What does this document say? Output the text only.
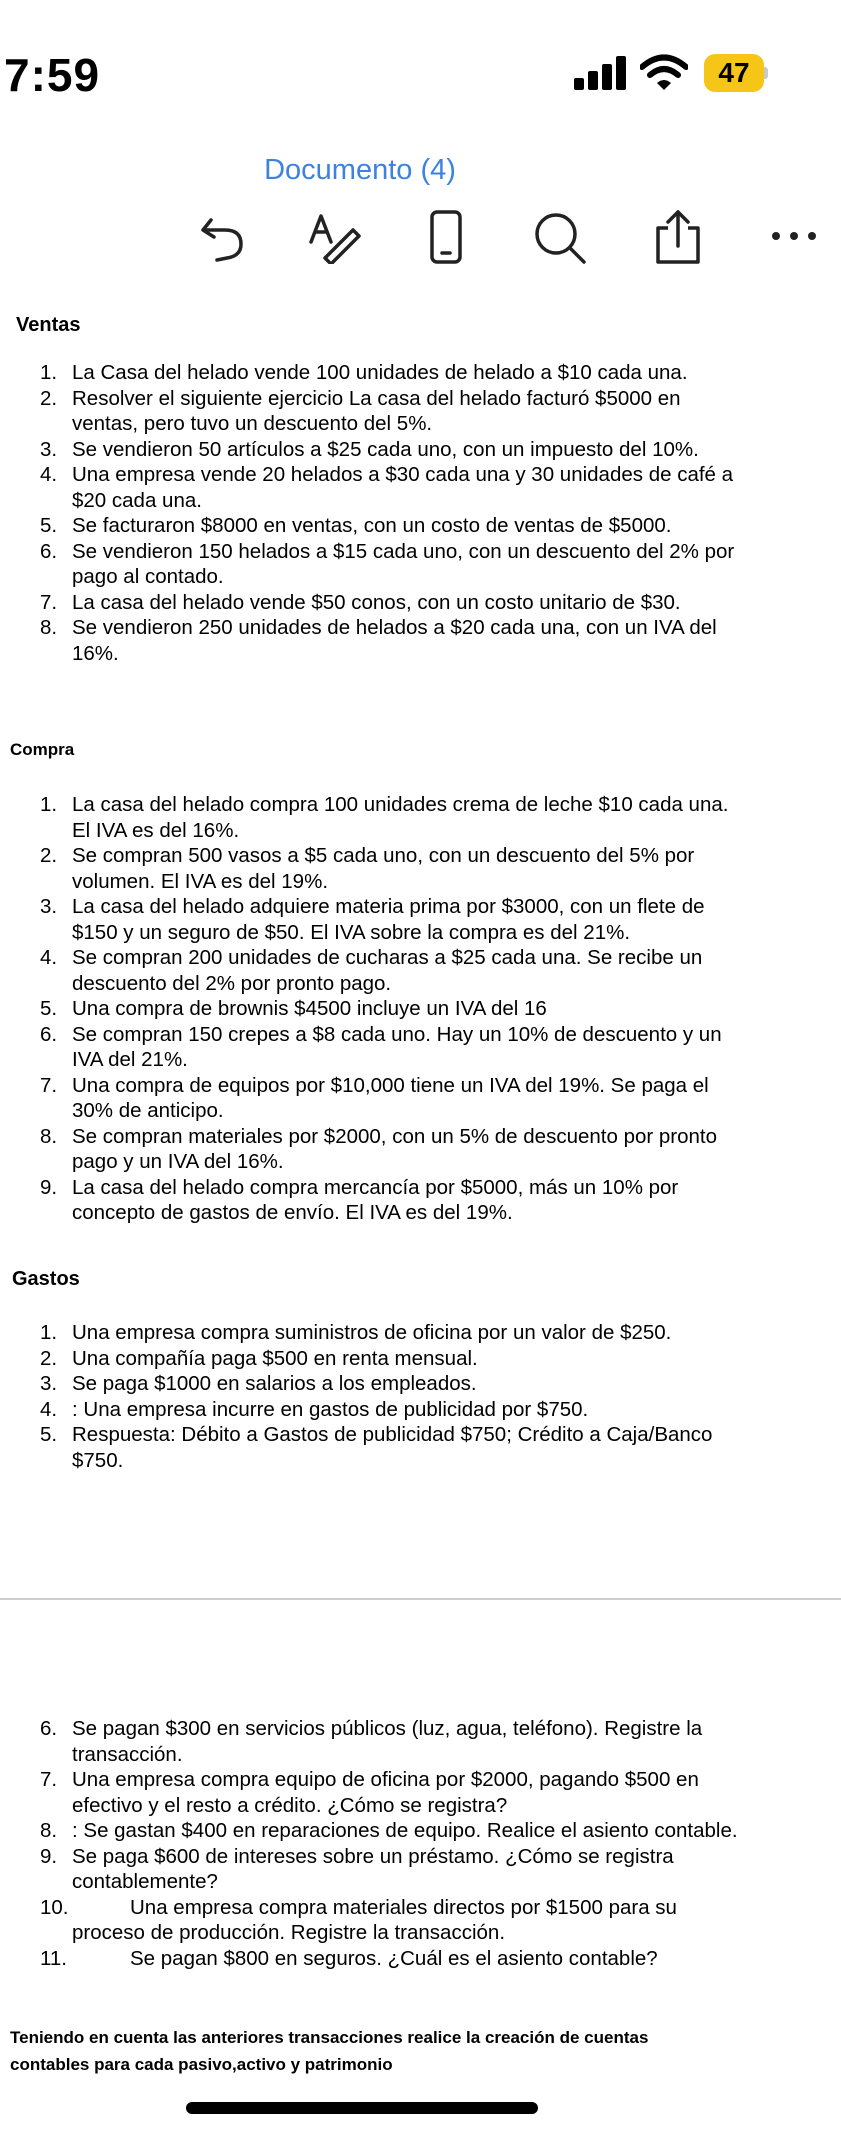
7:59	47
Documento (4)
Ventas
1. La Casa del helado vende 100 unidades de helado a $10 cada una.
2. Resolver el siguiente ejercicio La casa del helado facturó $5000 en ventas, pero tuvo un descuento del 5%.
3. Se vendieron 50 artículos a $25 cada uno, con un impuesto del 10%.
4. Una empresa vende 20 helados a $30 cada una y 30 unidades de café a $20 cada una.
5. Se facturaron $8000 en ventas, con un costo de ventas de $5000.
6. Se vendieron 150 helados a $15 cada uno, con un descuento del 2% por pago al contado.
7. La casa del helado vende $50 conos, con un costo unitario de $30.
8. Se vendieron 250 unidades de helados a $20 cada una, con un IVA del 16%.
Compra
1. La casa del helado compra 100 unidades crema de leche $10 cada una. El IVA es del 16%.
2. Se compran 500 vasos a $5 cada uno, con un descuento del 5% por volumen. El IVA es del 19%.
3. La casa del helado adquiere materia prima por $3000, con un flete de $150 y un seguro de $50. El IVA sobre la compra es del 21%.
4. Se compran 200 unidades de cucharas a $25 cada una. Se recibe un descuento del 2% por pronto pago.
5. Una compra de brownis $4500 incluye un IVA del 16
6. Se compran 150 crepes a $8 cada uno. Hay un 10% de descuento y un IVA del 21%.
7. Una compra de equipos por $10,000 tiene un IVA del 19%. Se paga el 30% de anticipo.
8. Se compran materiales por $2000, con un 5% de descuento por pronto pago y un IVA del 16%.
9. La casa del helado compra mercancía por $5000, más un 10% por concepto de gastos de envío. El IVA es del 19%.
Gastos
1. Una empresa compra suministros de oficina por un valor de $250.
2. Una compañía paga $500 en renta mensual.
3. Se paga $1000 en salarios a los empleados.
4. : Una empresa incurre en gastos de publicidad por $750.
5. Respuesta: Débito a Gastos de publicidad $750; Crédito a Caja/Banco $750.
6. Se pagan $300 en servicios públicos (luz, agua, teléfono). Registre la transacción.
7. Una empresa compra equipo de oficina por $2000, pagando $500 en efectivo y el resto a crédito. ¿Cómo se registra?
8. : Se gastan $400 en reparaciones de equipo. Realice el asiento contable.
9. Se paga $600 de intereses sobre un préstamo. ¿Cómo se registra contablemente?
10.	Una empresa compra materiales directos por $1500 para su proceso de producción. Registre la transacción.
11.	Se pagan $800 en seguros. ¿Cuál es el asiento contable?
Teniendo en cuenta las anteriores transacciones realice la creación de cuentas contables para cada pasivo,activo y patrimonio
